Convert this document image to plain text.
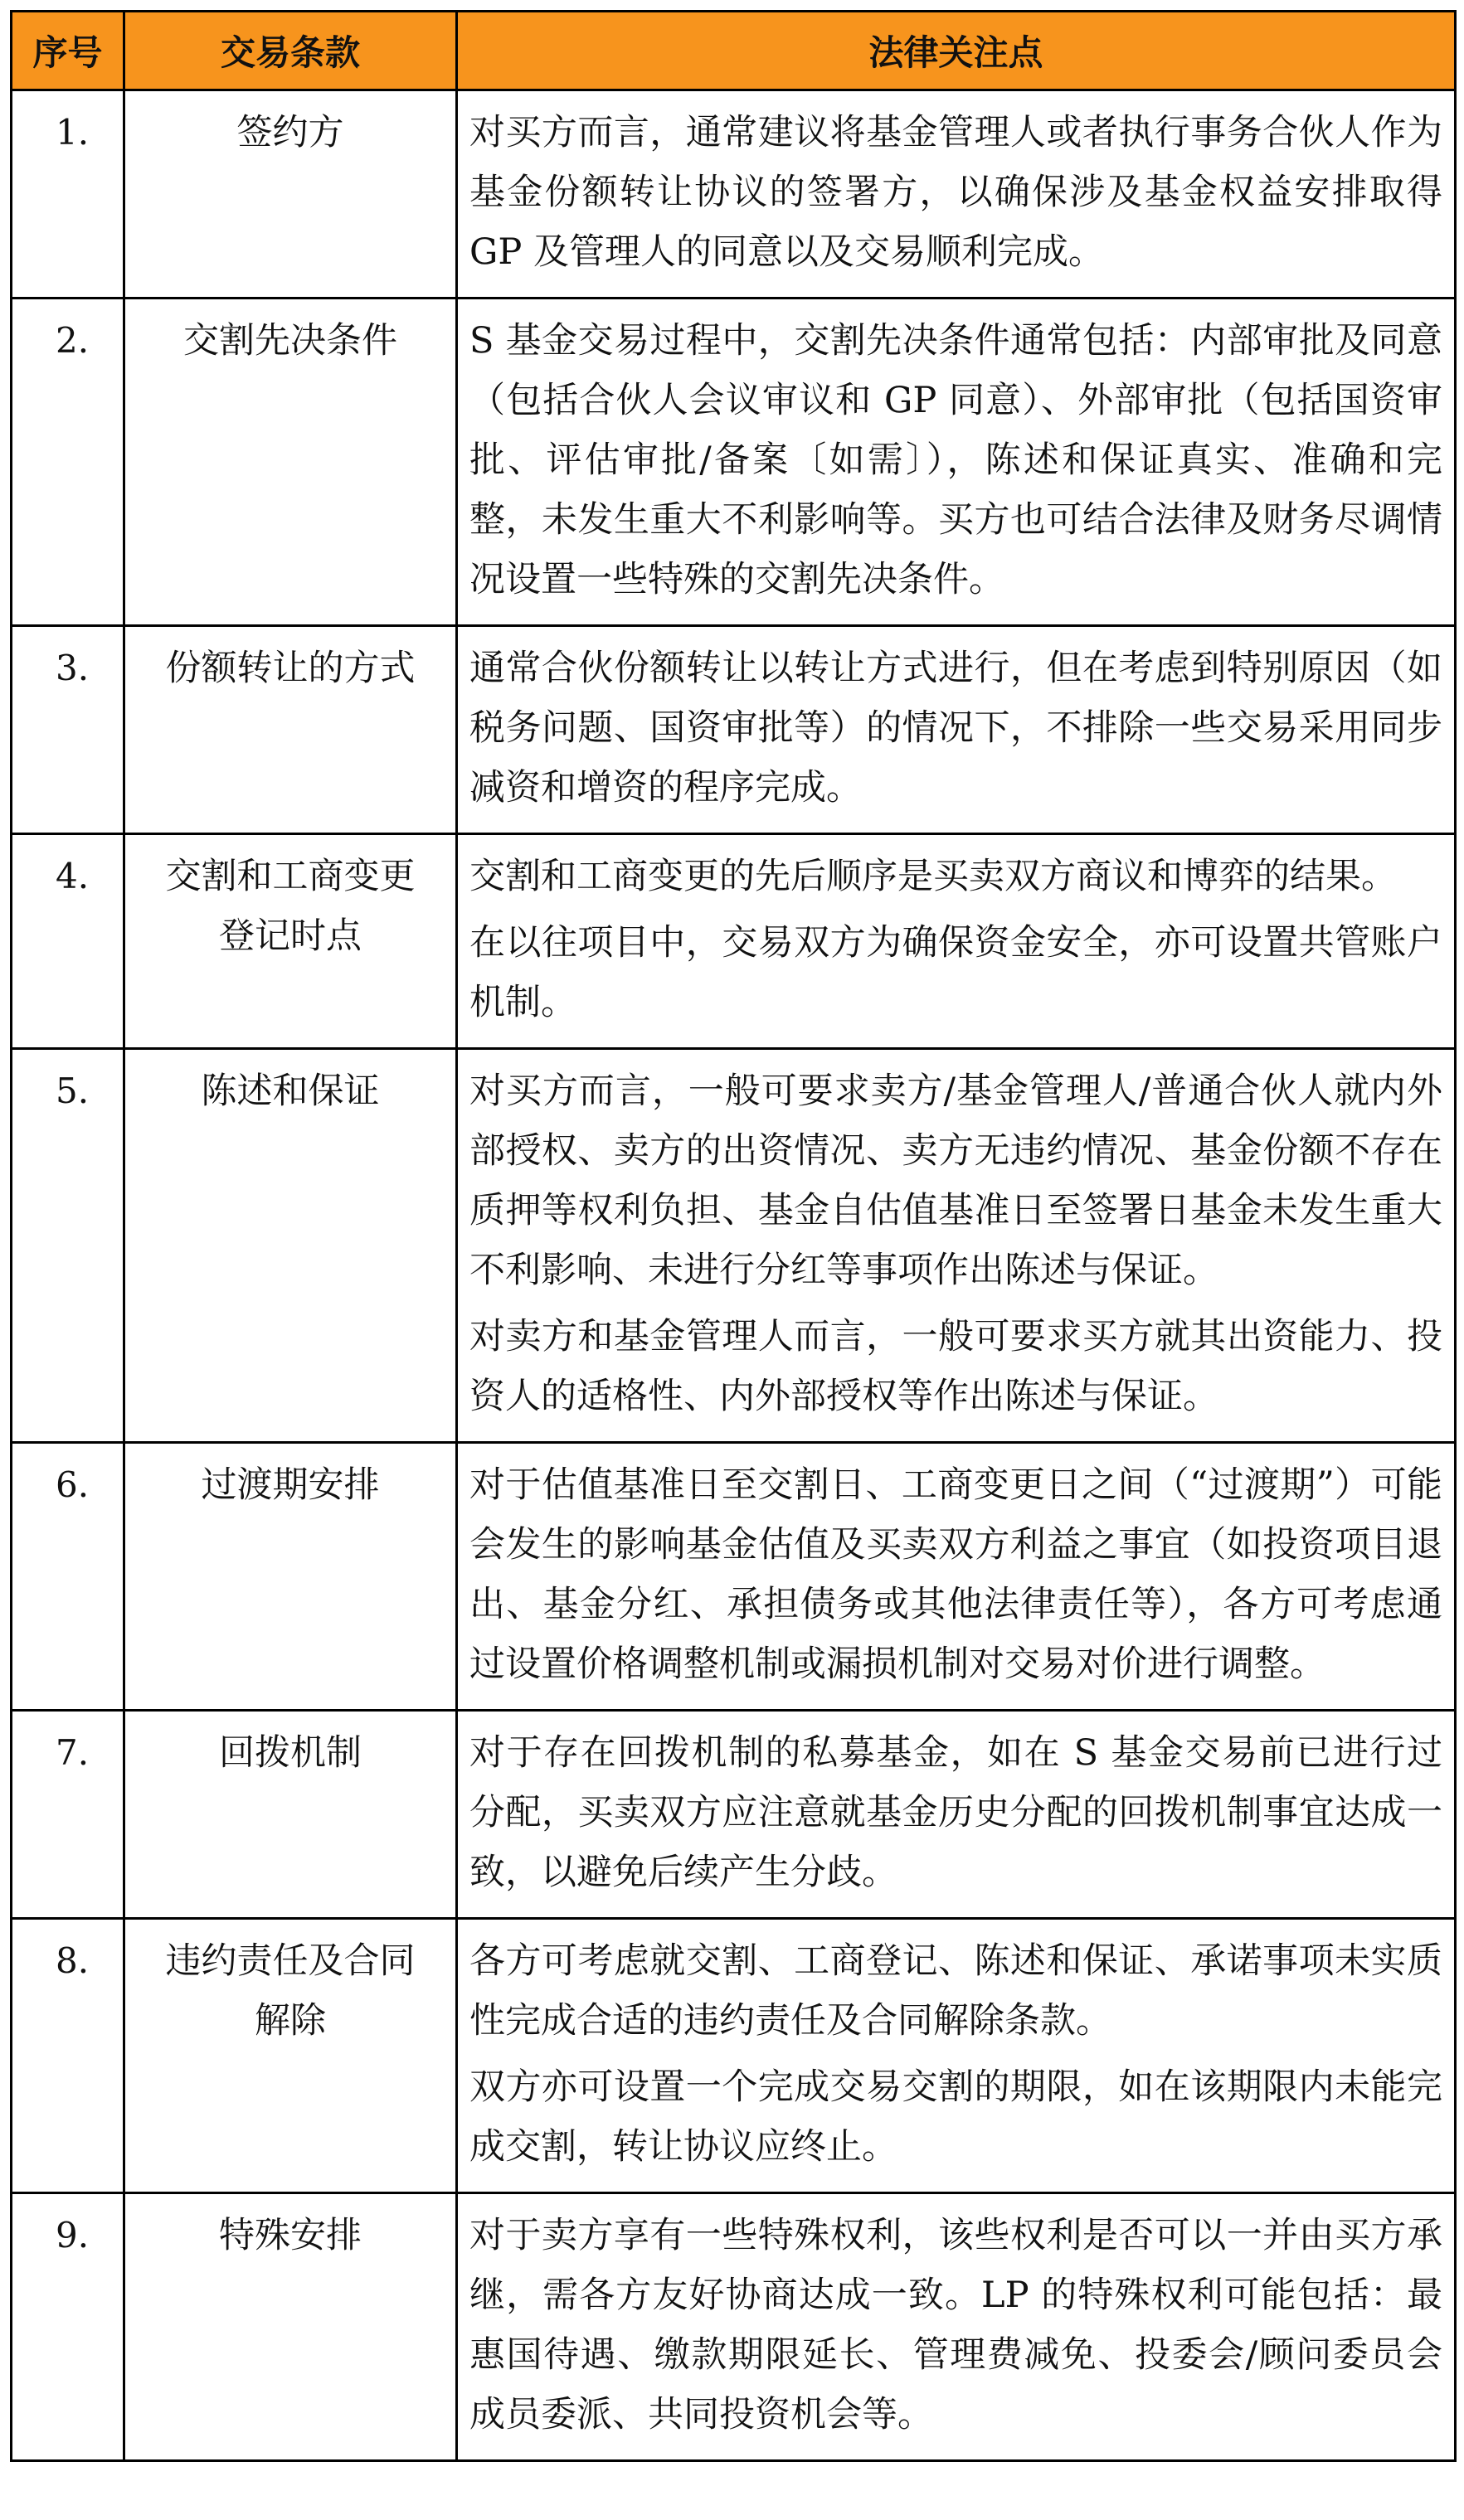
序号	交易条款	法律关注点
1.	签约方	对买方而言，通常建议将基金管理人或者执行事务合伙人作为基金份额转让协议的签署方，以确保涉及基金权益安排取得 GP 及管理人的同意以及交易顺利完成。

2.	交割先决条件	S 基金交易过程中，交割先决条件通常包括：内部审批及同意（包括合伙人会议审议和 GP 同意）、外部审批（包括国资审批、评估审批/备案〔如需〕），陈述和保证真实、准确和完整，未发生重大不利影响等。买方也可结合法律及财务尽调情况设置一些特殊的交割先决条件。

3.	份额转让的方式	通常合伙份额转让以转让方式进行，但在考虑到特别原因（如税务问题、国资审批等）的情况下，不排除一些交易采用同步减资和增资的程序完成。

4.	交割和工商变更登记时点	交割和工商变更的先后顺序是买卖双方商议和博弈的结果。

在以往项目中，交易双方为确保资金安全，亦可设置共管账户机制。

5.	陈述和保证	对买方而言，一般可要求卖方/基金管理人/普通合伙人就内外部授权、卖方的出资情况、卖方无违约情况、基金份额不存在质押等权利负担、基金自估值基准日至签署日基金未发生重大不利影响、未进行分红等事项作出陈述与保证。

对卖方和基金管理人而言，一般可要求买方就其出资能力、投资人的适格性、内外部授权等作出陈述与保证。

6.	过渡期安排	对于估值基准日至交割日、工商变更日之间（“过渡期”）可能会发生的影响基金估值及买卖双方利益之事宜（如投资项目退出、基金分红、承担债务或其他法律责任等），各方可考虑通过设置价格调整机制或漏损机制对交易对价进行调整。

7.	回拨机制	对于存在回拨机制的私募基金，如在 S 基金交易前已进行过分配，买卖双方应注意就基金历史分配的回拨机制事宜达成一致，以避免后续产生分歧。

8.	违约责任及合同解除	各方可考虑就交割、工商登记、陈述和保证、承诺事项未实质性完成合适的违约责任及合同解除条款。

双方亦可设置一个完成交易交割的期限，如在该期限内未能完成交割，转让协议应终止。

9.	特殊安排	对于卖方享有一些特殊权利，该些权利是否可以一并由买方承继，需各方友好协商达成一致。LP 的特殊权利可能包括：最惠国待遇、缴款期限延长、管理费减免、投委会/顾问委员会成员委派、共同投资机会等。
